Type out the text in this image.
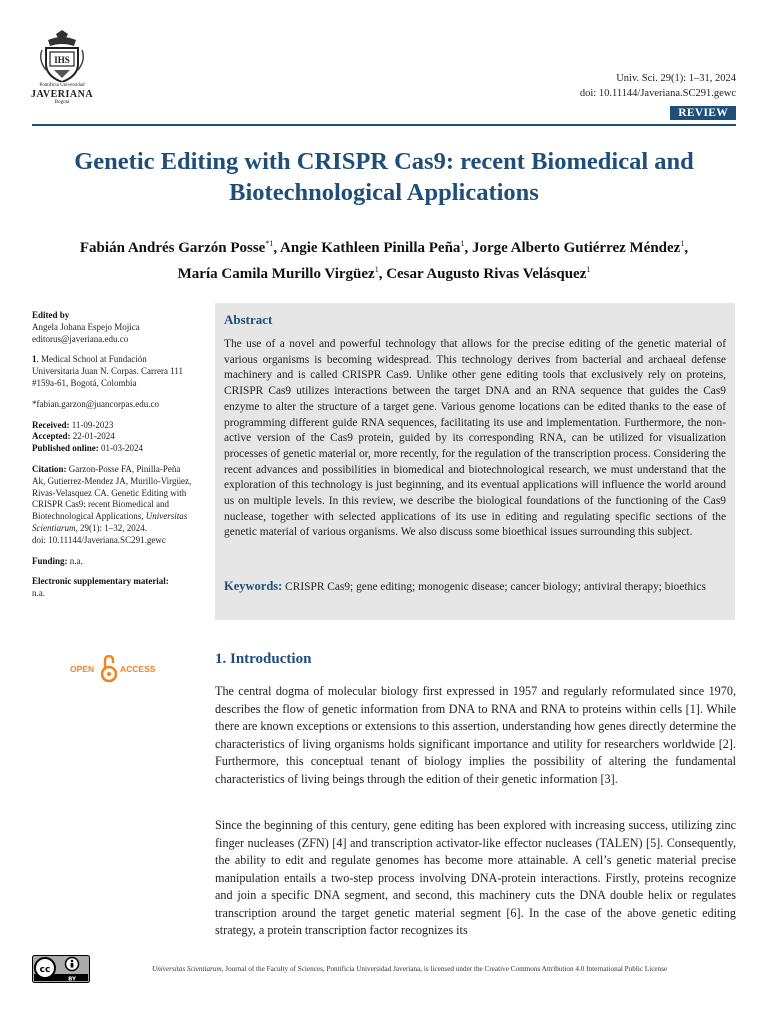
IHS
Pontificia Universidad
JAVERIANA
Bogotá
Univ. Sci. 29(1): 1–31, 2024
doi: 10.11144/Javeriana.SC291.gewc
REVIEW
Genetic Editing with CRISPR Cas9: recent Biomedical and Biotechnological Applications
Fabián Andrés Garzón Posse$^{*1}$, Angie Kathleen Pinilla Peña$^1$, Jorge Alberto Gutiérrez Méndez$^1$,
María Camila Murillo Virgüez$^1$, Cesar Augusto Rivas Velásquez$^1$
Edited by
Angela Johana Espejo Mojica
editorus@javeriana.edu.co
1. Medical School at Fundación Universitaria Juan N. Corpas. Carrera 111 #159a-61, Bogotá, Colombia
*fabian.garzon@juancorpas.edu.co
Received: 11-09-2023
Accepted: 22-01-2024
Published online: 01-03-2024
Citation: Garzon-Posse FA, Pinilla-Peña Ak, Gutierrez-Mendez JA, Murillo-Virgüez, Rivas-Velasquez CA. Genetic Editing with CRISPR Cas9: recent Biomedical and Biotechnological Applications, Universitas Scientiarum, 29(1): 1–32, 2024.
doi: 10.11144/Javeriana.SC291.gewc
Funding: n.a.
Electronic supplementary material:
n.a.
OPEN	ACCESS
Abstract
The use of a novel and powerful technology that allows for the precise editing of the genetic material of various organisms is becoming widespread. This technology derives from bacterial and archaeal defense machinery and is called CRISPR Cas9. Unlike other gene editing tools that exclusively rely on proteins, CRISPR Cas9 utilizes interactions between the target DNA and an RNA sequence that guides the Cas9 enzyme to alter the structure of a target gene. Various genome locations can be edited thanks to the ease of programming different guide RNA sequences, facilitating its use and implementation. Furthermore, the non-active version of the Cas9 protein, guided by its corresponding RNA, can be utilized for visualization processes of genetic material or, more recently, for the regulation of the transcription process. Considering the recent advances and possibilities in biomedical and biotechnological research, we must understand that the exploration of this technology is just beginning, and its eventual applications will influence the world around us on multiple levels. In this review, we describe the biological foundations of the functioning of the Cas9 nuclease, together with selected applications of its use in editing and regulating specific sections of the genetic material of various organisms. We also discuss some bioethical issues surrounding this subject.
Keywords: CRISPR Cas9; gene editing; monogenic disease; cancer biology; antiviral therapy; bioethics
1. Introduction
The central dogma of molecular biology first expressed in 1957 and regularly reformulated since 1970, describes the flow of genetic information from DNA to RNA and RNA to proteins within cells [1]. While there are known exceptions or extensions to this assertion, understanding how genes directly determine the characteristics of living organisms holds significant importance and utility for researchers worldwide [2]. Furthermore, this conceptual tenant of biology implies the possibility of altering the fundamental characteristics of living beings through the edition of their genetic information [3].
Since the beginning of this century, gene editing has been explored with increasing success, utilizing zinc finger nucleases (ZFN) [4] and transcription activator-like effector nucleases (TALEN) [5]. Consequently, the ability to edit and regulate genomes has become more attainable. A cell’s genetic material precise manipulation entails a two-step process involving DNA-protein interactions. Firstly, proteins recognize and join a specific DNA segment, and second, this machinery cuts the DNA double helix or regulates transcription around the target genetic material segment [6]. In the case of the above genetic editing strategy, a protein transcription factor recognizes its
cc
BY
Universitas Scientiarum, Journal of the Faculty of Sciences, Pontificia Universidad Javeriana, is licensed under the Creative Commons Attribution 4.0 International Public License
